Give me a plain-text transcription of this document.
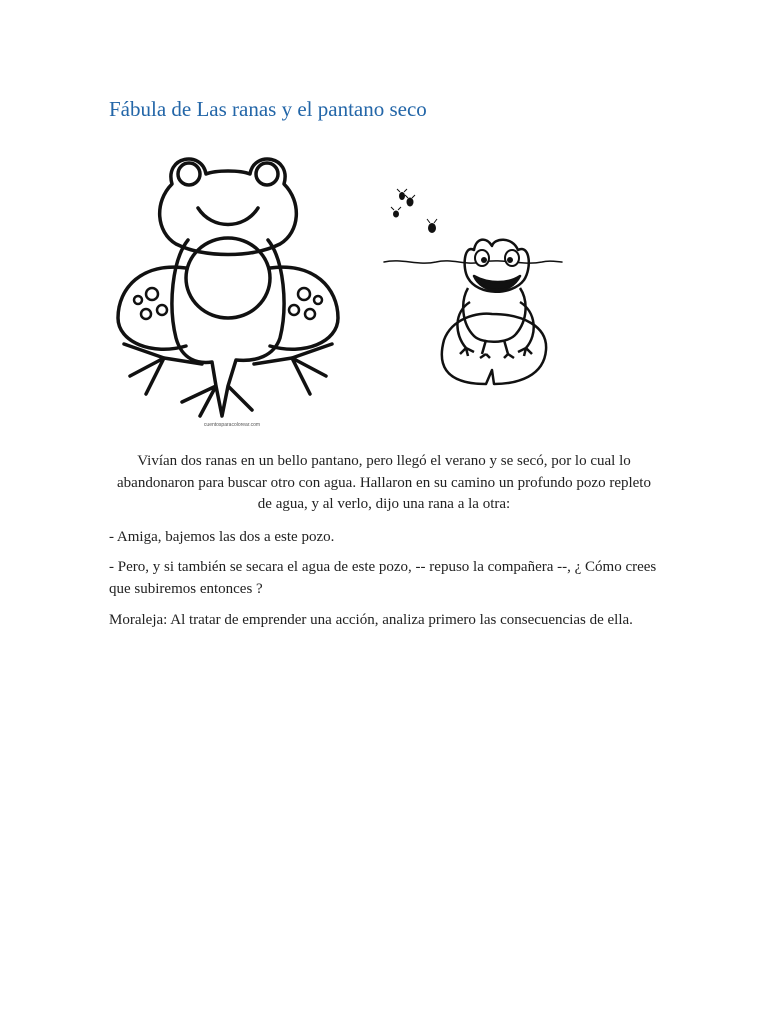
Fábula de Las ranas y el pantano seco
cuentosparacolorear.com

Vivían dos ranas en un bello pantano, pero llegó el verano y se secó, por lo cual lo abandonaron para buscar otro con agua. Hallaron en su camino un profundo pozo repleto de agua, y al verlo, dijo una rana a la otra:

- Amiga, bajemos las dos a este pozo.

- Pero, y si también se secara el agua de este pozo, -- repuso la compañera --, ¿ Cómo crees que subiremos entonces ?

Moraleja: Al tratar de emprender una acción, analiza primero las consecuencias de ella.
